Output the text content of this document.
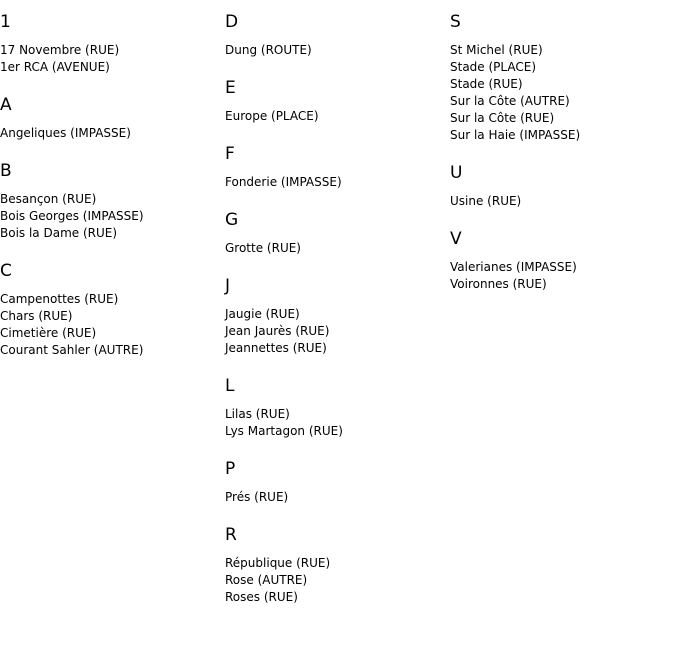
1
17 Novembre (RUE)
1er RCA (AVENUE)
A
Angeliques (IMPASSE)
B
Besançon (RUE)
Bois Georges (IMPASSE)
Bois la Dame (RUE)
C
Campenottes (RUE)
Chars (RUE)
Cimetière (RUE)
Courant Sahler (AUTRE)
D
Dung (ROUTE)
E
Europe (PLACE)
F
Fonderie (IMPASSE)
G
Grotte (RUE)
J
Jaugie (RUE)
Jean Jaurès (RUE)
Jeannettes (RUE)
L
Lilas (RUE)
Lys Martagon (RUE)
P
Prés (RUE)
R
République (RUE)
Rose (AUTRE)
Roses (RUE)
S
St Michel (RUE)
Stade (PLACE)
Stade (RUE)
Sur la Côte (AUTRE)
Sur la Côte (RUE)
Sur la Haie (IMPASSE)
U
Usine (RUE)
V
Valerianes (IMPASSE)
Voironnes (RUE)
